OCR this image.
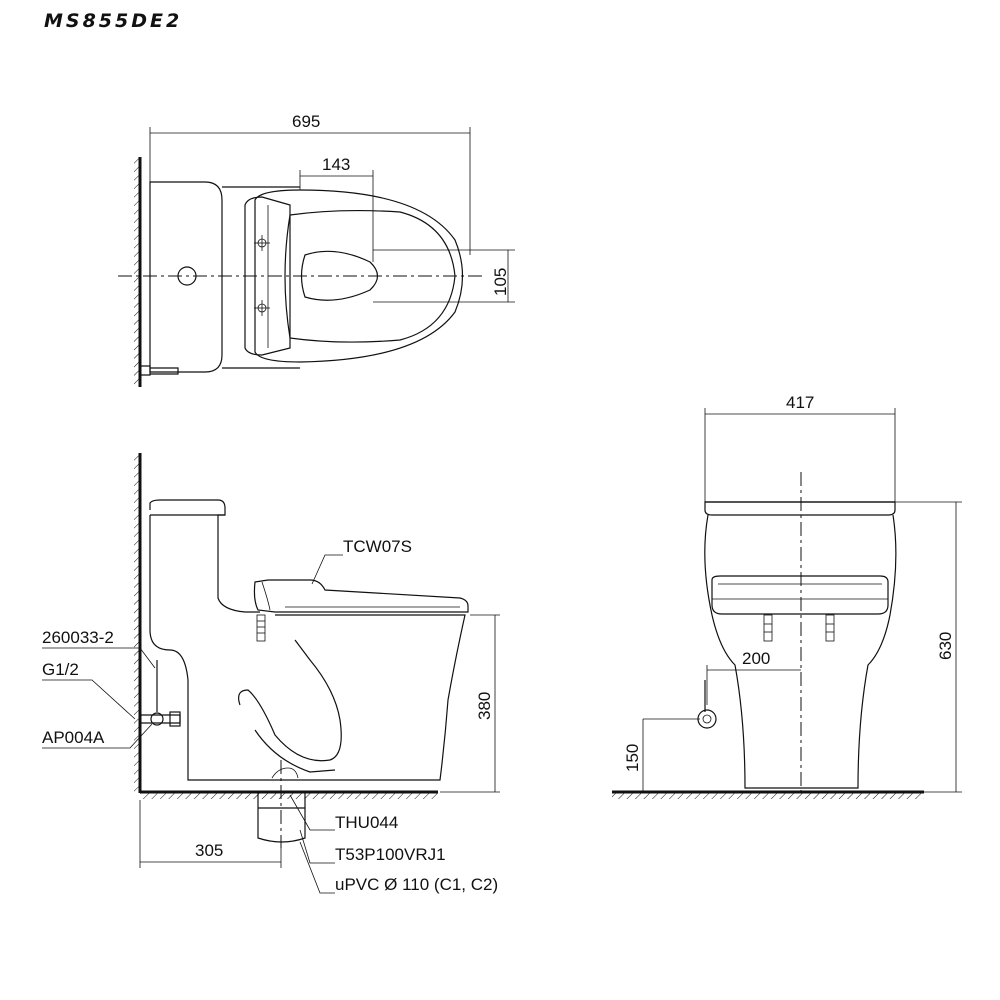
MS855DE2
695
143
105
380
305
TCW07S
260033-2
G1/2
AP004A
THU044
T53P100VRJ1
uPVC Ø 110 (C1, C2)
417
630
200
150
